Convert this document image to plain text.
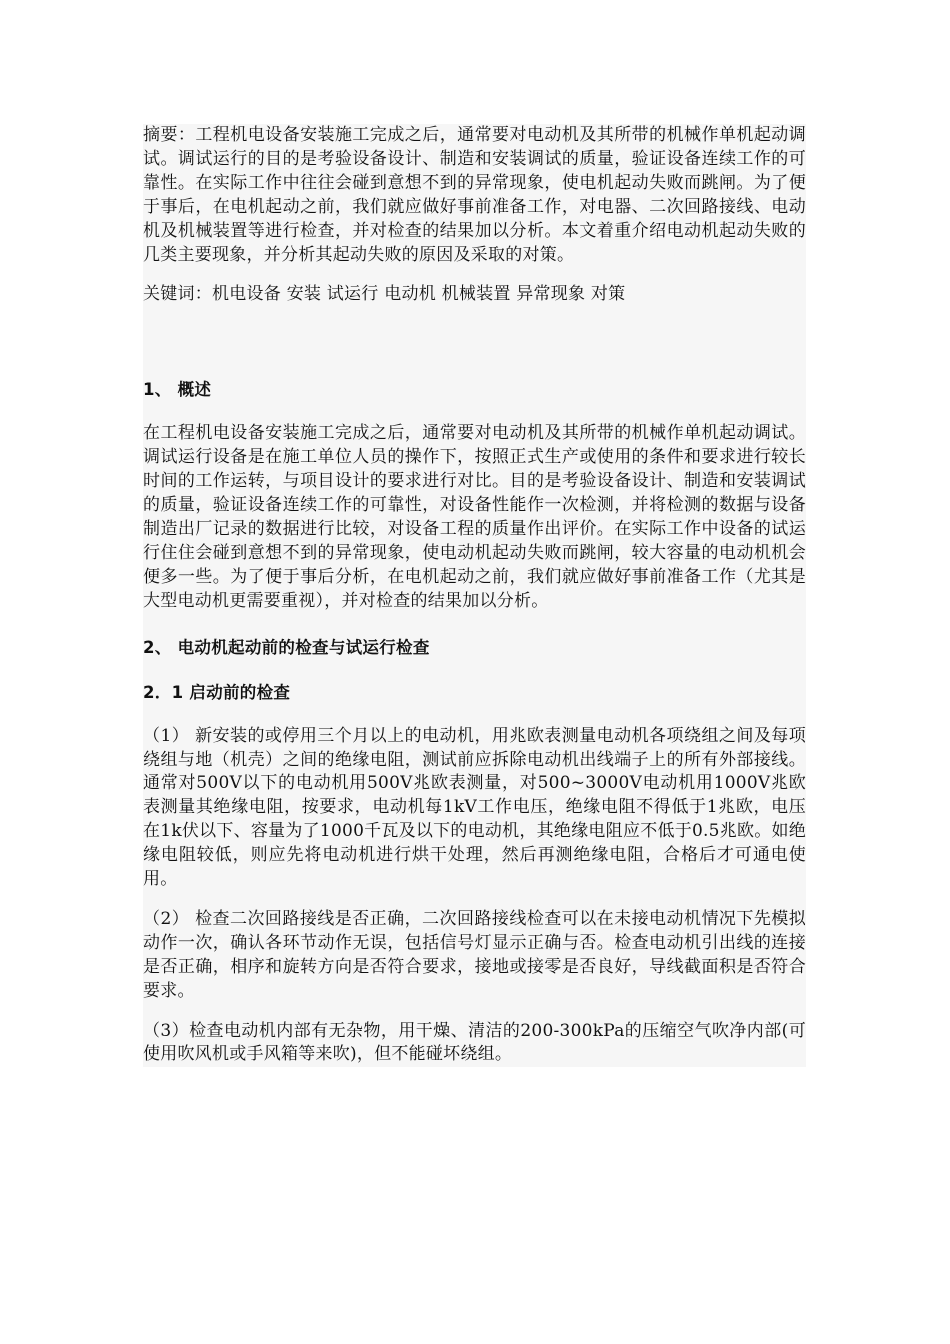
摘要：工程机电设备安装施工完成之后，通常要对电动机及其所带的机械作单机起动调试。调试运行的目的是考验设备设计、制造和安装调试的质量，验证设备连续工作的可靠性。在实际工作中往往会碰到意想不到的异常现象，使电机起动失败而跳闸。为了便于事后，在电机起动之前，我们就应做好事前准备工作，对电器、二次回路接线、电动机及机械装置等进行检查，并对检查的结果加以分析。本文着重介绍电动机起动失败的几类主要现象，并分析其起动失败的原因及采取的对策。

关键词：机电设备 安装 试运行 电动机 机械装置 异常现象 对策

1、 概述

在工程机电设备安装施工完成之后，通常要对电动机及其所带的机械作单机起动调试。调试运行设备是在施工单位人员的操作下，按照正式生产或使用的条件和要求进行较长时间的工作运转，与项目设计的要求进行对比。目的是考验设备设计、制造和安装调试的质量，验证设备连续工作的可靠性，对设备性能作一次检测，并将检测的数据与设备制造出厂记录的数据进行比较，对设备工程的质量作出评价。在实际工作中设备的试运行住住会碰到意想不到的异常现象，使电动机起动失败而跳闸，较大容量的电动机机会便多一些。为了便于事后分析，在电机起动之前，我们就应做好事前准备工作（尤其是大型电动机更需要重视），并对检查的结果加以分析。

2、 电动机起动前的检查与试运行检查

2．1 启动前的检查

（1） 新安装的或停用三个月以上的电动机，用兆欧表测量电动机各项绕组之间及每项绕组与地（机壳）之间的绝缘电阻，测试前应拆除电动机出线端子上的所有外部接线。通常对500V以下的电动机用500V兆欧表测量，对500~3000V电动机用1000V兆欧表测量其绝缘电阻，按要求，电动机每1kV工作电压，绝缘电阻不得低于1兆欧，电压在1k伏以下、容量为了1000千瓦及以下的电动机，其绝缘电阻应不低于0.5兆欧。如绝缘电阻较低，则应先将电动机进行烘干处理，然后再测绝缘电阻，合格后才可通电使用。

（2） 检查二次回路接线是否正确，二次回路接线检查可以在未接电动机情况下先模拟动作一次，确认各环节动作无误，包括信号灯显示正确与否。检查电动机引出线的连接是否正确，相序和旋转方向是否符合要求，接地或接零是否良好，导线截面积是否符合要求。

（3）检查电动机内部有无杂物，用干燥、清洁的200-300kPa的压缩空气吹净内部(可使用吹风机或手风箱等来吹)，但不能碰坏绕组。
